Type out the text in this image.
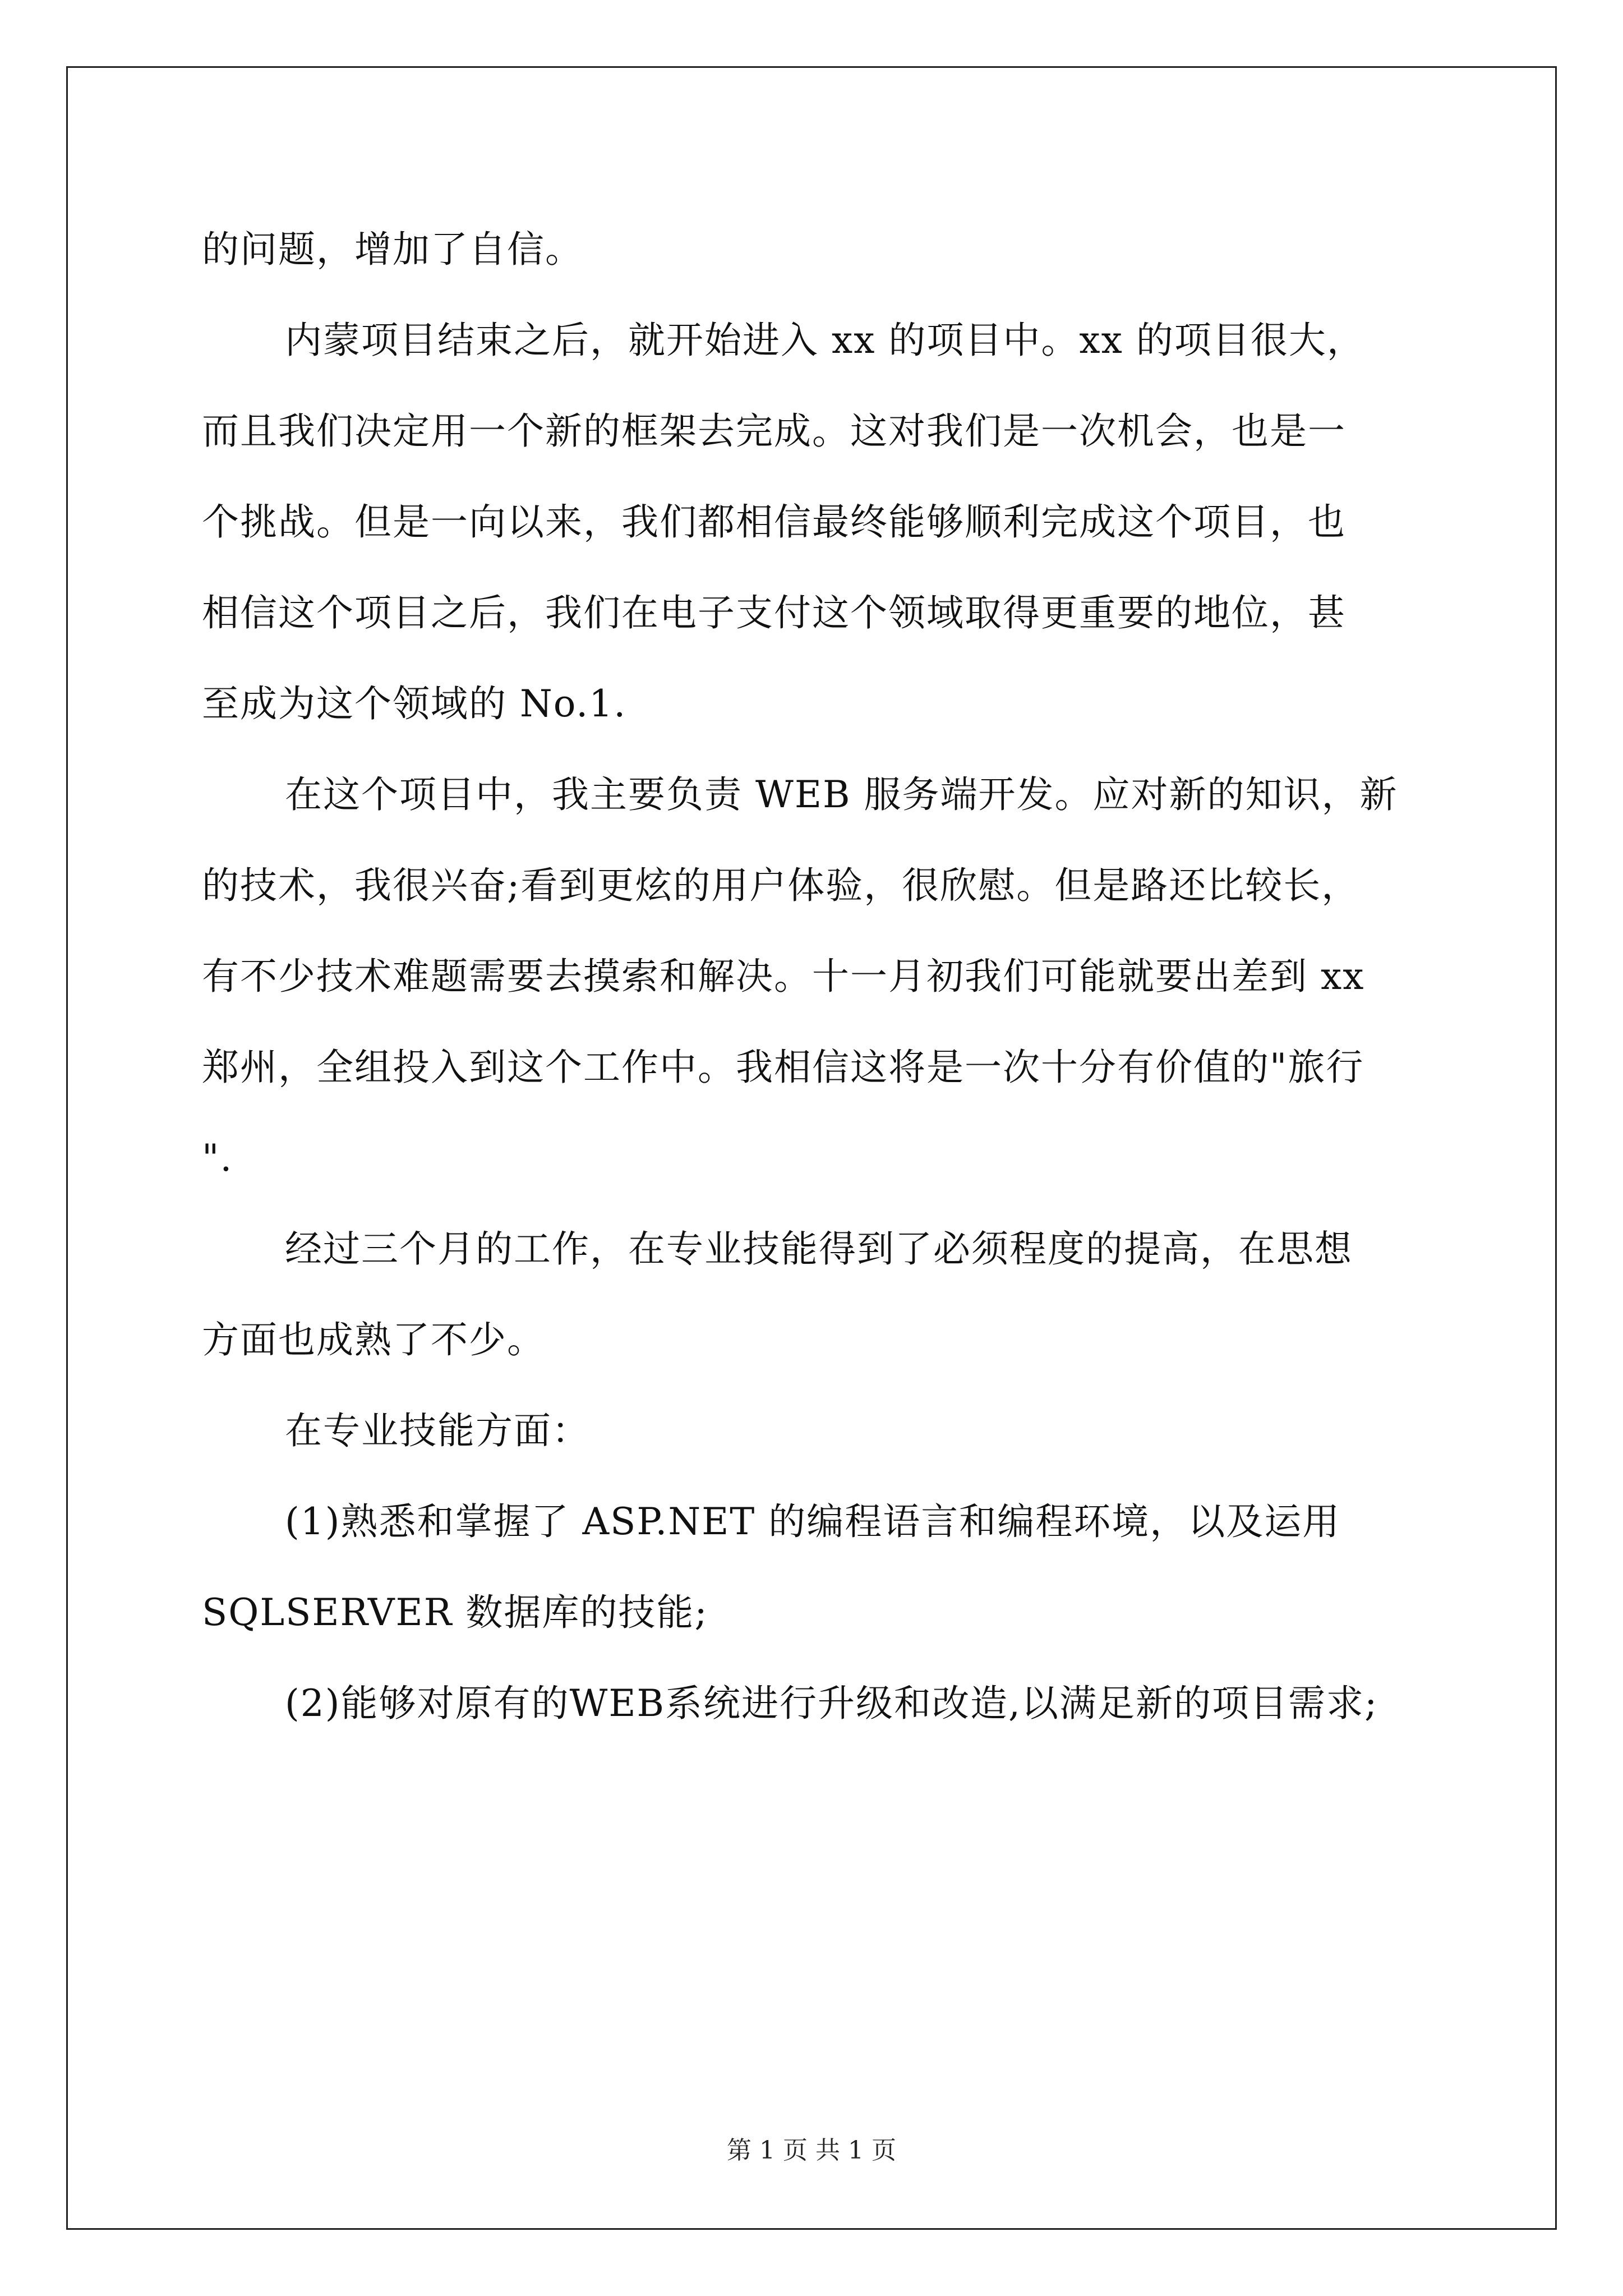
的问题，增加了自信。
内蒙项目结束之后，就开始进入 xx 的项目中。xx 的项目很大，
而且我们决定用一个新的框架去完成。这对我们是一次机会，也是一
个挑战。但是一向以来，我们都相信最终能够顺利完成这个项目，也
相信这个项目之后，我们在电子支付这个领域取得更重要的地位，甚
至成为这个领域的 No.1.
在这个项目中，我主要负责 WEB 服务端开发。应对新的知识，新
的技术，我很兴奋;看到更炫的用户体验，很欣慰。但是路还比较长，
有不少技术难题需要去摸索和解决。十一月初我们可能就要出差到 xx
郑州，全组投入到这个工作中。我相信这将是一次十分有价值的"旅行
".
经过三个月的工作，在专业技能得到了必须程度的提高，在思想
方面也成熟了不少。
在专业技能方面：
(1)熟悉和掌握了 ASP.NET 的编程语言和编程环境，以及运用
SQLSERVER 数据库的技能;
(2)能够对原有的WEB系统进行升级和改造,以满足新的项目需求;
第 1 页 共 1 页
